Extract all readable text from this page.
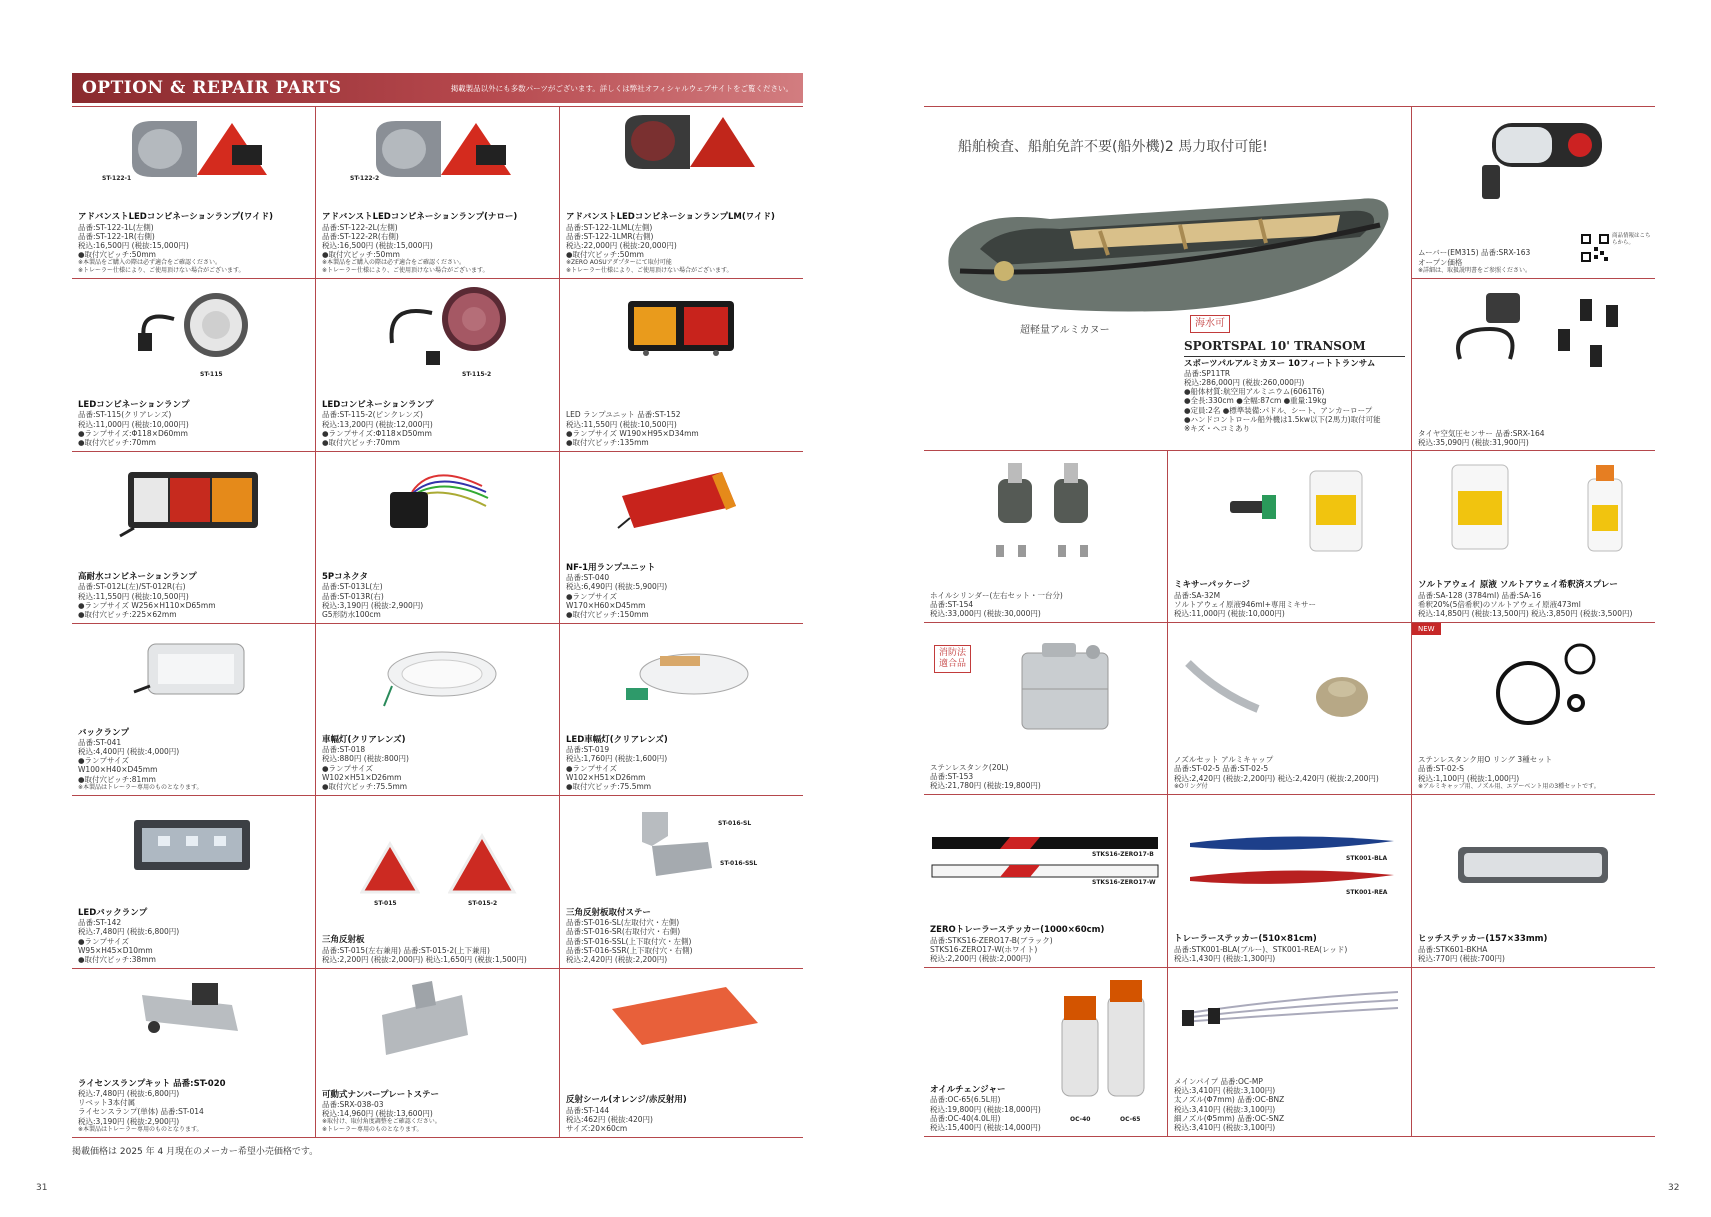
OPTION & REPAIR PARTS	掲載製品以外にも多数パーツがございます。詳しくは弊社オフィシャルウェブサイトをご覧ください。
ST-122-1
アドバンストLEDコンビネーションランプ(ワイド)
品番:ST-122-1L(左側)
品番:ST-122-1R(右側)
税込:16,500円 (税抜:15,000円)
●取付穴ピッチ:50mm
※本製品をご購入の際は必ず適合をご確認ください。
※トレーラー仕様により、ご使用頂けない場合がございます。
ST-122-2
アドバンストLEDコンビネーションランプ(ナロー)
品番:ST-122-2L(左側)
品番:ST-122-2R(右側)
税込:16,500円 (税抜:15,000円)
●取付穴ピッチ:50mm
※本製品をご購入の際は必ず適合をご確認ください。
※トレーラー仕様により、ご使用頂けない場合がございます。
アドバンストLEDコンビネーションランプLM(ワイド)
品番:ST-122-1LML(左側)
品番:ST-122-1LMR(右側)
税込:22,000円 (税抜:20,000円)
●取付穴ピッチ:50mm
※ZERO AOSUアダプターにて取付可能
※トレーラー仕様により、ご使用頂けない場合がございます。
ST-115
LEDコンビネーションランプ
品番:ST-115(クリアレンズ)
税込:11,000円 (税抜:10,000円)
●ランプサイズ:Φ118×D60mm
●取付穴ピッチ:70mm
ST-115-2
LEDコンビネーションランプ
品番:ST-115-2(ピンクレンズ)
税込:13,200円 (税抜:12,000円)
●ランプサイズ:Φ118×D50mm
●取付穴ピッチ:70mm
LED ランプユニット 品番:ST-152
税込:11,550円 (税抜:10,500円)
●ランプサイズ W190×H95×D34mm
●取付穴ピッチ:135mm
高耐水コンビネーションランプ
品番:ST-012L(左)/ST-012R(右)
税込:11,550円 (税抜:10,500円)
●ランプサイズ W256×H110×D65mm
●取付穴ピッチ:225×62mm
5Pコネクタ
品番:ST-013L(左)
品番:ST-013R(右)
税込:3,190円 (税抜:2,900円)
G5形防水100cm
NF-1用ランプユニット
品番:ST-040
税込:6,490円 (税抜:5,900円)
●ランプサイズ
W170×H60×D45mm
●取付穴ピッチ:150mm
バックランプ
品番:ST-041
税込:4,400円 (税抜:4,000円)
●ランプサイズ
W100×H40×D45mm
●取付穴ピッチ:81mm
※本製品はトレーラー専用のものとなります。
車幅灯(クリアレンズ)
品番:ST-018
税込:880円 (税抜:800円)
●ランプサイズ
W102×H51×D26mm
●取付穴ピッチ:75.5mm
LED車幅灯(クリアレンズ)
品番:ST-019
税込:1,760円 (税抜:1,600円)
●ランプサイズ
W102×H51×D26mm
●取付穴ピッチ:75.5mm
LEDバックランプ
品番:ST-142
税込:7,480円 (税抜:6,800円)
●ランプサイズ
W95×H45×D10mm
●取付穴ピッチ:38mm
ST-015	ST-015-2
三角反射板
品番:ST-015(左右兼用) 品番:ST-015-2(上下兼用)
税込:2,200円 (税抜:2,000円) 税込:1,650円 (税抜:1,500円)
ST-016-SL
ST-016-SSL
三角反射板取付ステー
品番:ST-016-SL(左取付穴・左側)
品番:ST-016-SR(右取付穴・右側)
品番:ST-016-SSL(上下取付穴・左側)
品番:ST-016-SSR(上下取付穴・右側)
税込:2,420円 (税抜:2,200円)
ライセンスランプキット 品番:ST-020
税込:7,480円 (税抜:6,800円)
リベット3本付属
ライセンスランプ(単体) 品番:ST-014
税込:3,190円 (税抜:2,900円)
※本製品はトレーラー専用のものとなります。
可動式ナンバープレートステー
品番:SRX-038-03
税込:14,960円 (税抜:13,600円)
※取付け、取付角度調整をご確認ください。
※トレーラー専用のものとなります。
反射シール(オレンジ/赤反射用)
品番:ST-144
税込:462円 (税抜:420円)
サイズ:20×60cm
掲載価格は 2025 年 4 月現在のメーカー希望小売価格です。
31
船舶検査、船舶免許不要(船外機)2 馬力取付可能!
超軽量アルミカヌー
海水可
SPORTSPAL 10' TRANSOM
スポーツパルアルミカヌー 10フィートトランサム
品番:SP11TR
税込:286,000円 (税抜:260,000円)
●船体材質:航空用アルミニウム(6061T6)
●全長:330cm ●全幅:87cm ●重量:19kg
●定員:2名 ●標準装備:パドル、シート、アンカーロープ
●ハンドコントロール船外機は1.5kw以下(2馬力)取付可能
※キズ・ヘコミあり
商品情報はこちらから。
ムーバー(EM315) 品番:SRX-163
オープン価格
※詳細は、取扱説明書をご参照ください。
タイヤ空気圧センサー 品番:SRX-164
税込:35,090円 (税抜:31,900円)
ホイルシリンダー(左右セット・一台分)
品番:ST-154
税込:33,000円 (税抜:30,000円)
ミキサーパッケージ
品番:SA-32M
ソルトアウェイ原液946ml+専用ミキサー
税込:11,000円 (税抜:10,000円)
ソルトアウェイ 原液 ソルトアウェイ希釈済スプレー
品番:SA-128 (3784ml) 品番:SA-16
希釈20%(5倍希釈)のソルトアウェイ原液473ml
税込:14,850円 (税抜:13,500円) 税込:3,850円 (税抜:3,500円)
消防法
適合品
ステンレスタンク(20L)
品番:ST-153
税込:21,780円 (税抜:19,800円)
ノズルセット アルミキャップ
品番:ST-02-5 品番:ST-02-5
税込:2,420円 (税抜:2,200円) 税込:2,420円 (税抜:2,200円)
※Oリング付
NEW
ステンレスタンク用O リング 3種セット
品番:ST-02-S
税込:1,100円 (税抜:1,000円)
※アルミキャップ用、ノズル用、エアーベント用の3種セットです。
STKS16-ZERO17-B
STKS16-ZERO17-W
ZEROトレーラーステッカー(1000×60cm)
品番:STKS16-ZERO17-B(ブラック)
STKS16-ZERO17-W(ホワイト)
税込:2,200円 (税抜:2,000円)
STK001-BLA
STK001-REA
トレーラーステッカー(510×81cm)
品番:STK001-BLA(ブルー)、STK001-REA(レッド)
税込:1,430円 (税抜:1,300円)
ヒッチステッカー(157×33mm)
品番:STK601-BKHA
税込:770円 (税抜:700円)
OC-40	OC-65
オイルチェンジャー
品番:OC-65(6.5L用)
税込:19,800円 (税抜:18,000円)
品番:OC-40(4.0L用)
税込:15,400円 (税抜:14,000円)
メインパイプ 品番:OC-MP
税込:3,410円 (税抜:3,100円)
太ノズル(Φ7mm) 品番:OC-BNZ
税込:3,410円 (税抜:3,100円)
細ノズル(Φ5mm) 品番:OC-SNZ
税込:3,410円 (税抜:3,100円)
32
